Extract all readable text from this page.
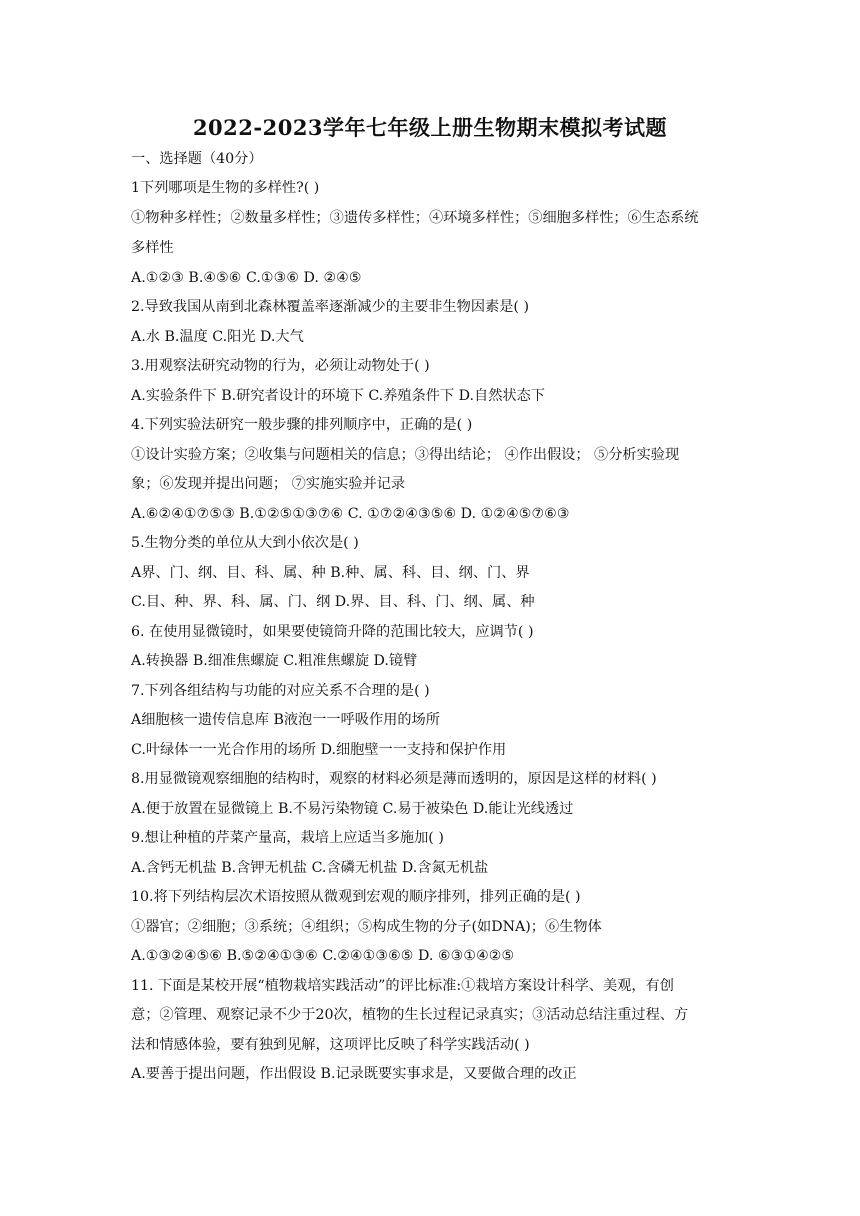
2022-2023学年七年级上册生物期末模拟考试题
一、选择题（40分）
1下列哪项是生物的多样性?( )
①物种多样性；②数量多样性；③遗传多样性；④环境多样性；⑤细胞多样性；⑥生态系统
多样性
A.①②③ B.④⑤⑥ C.①③⑥ D. ②④⑤
2.导致我国从南到北森林覆盖率逐渐减少的主要非生物因素是( )
A.水 B.温度 C.阳光 D.大气
3.用观察法研究动物的行为，必须让动物处于( )
A.实验条件下 B.研究者设计的环境下 C.养殖条件下 D.自然状态下
4.下列实验法研究一般步骤的排列顺序中，正确的是( )
①设计实验方案；②收集与问题相关的信息；③得出结论； ④作出假设； ⑤分析实验现
象；⑥发现并提出问题； ⑦实施实验并记录
A.⑥②④①⑦⑤③ B.①②⑤①③⑦⑥ C. ①⑦②④③⑤⑥ D. ①②④⑤⑦⑥③
5.生物分类的单位从大到小依次是( )
A界、门、纲、目、科、属、种 B.种、属、科、目、纲、门、界
C.目、种、界、科、属、门、纲 D.界、目、科、门、纲、属、种
6. 在使用显微镜时，如果要使镜筒升降的范围比较大，应调节( )
A.转换器 B.细准焦螺旋 C.粗准焦螺旋 D.镜臂
7.下列各组结构与功能的对应关系不合理的是( )
A细胞核一遗传信息库 B液泡一一呼吸作用的场所
C.叶绿体一一光合作用的场所 D.细胞壁一一支持和保护作用
8.用显微镜观察细胞的结构时，观察的材料必须是薄而透明的，原因是这样的材料( )
A.便于放置在显微镜上 B.不易污染物镜 C.易于被染色 D.能让光线透过
9.想让种植的芹菜产量高，栽培上应适当多施加( )
A.含钙无机盐 B.含钾无机盐 C.含磷无机盐 D.含氮无机盐
10.将下列结构层次术语按照从微观到宏观的顺序排列，排列正确的是( )
①器官；②细胞；③系统；④组织；⑤构成生物的分子(如DNA)；⑥生物体
A.①③②④⑤⑥ B.⑤②④①③⑥ C.②④①③⑥⑤ D. ⑥③①④②⑤
11. 下面是某校开展“植物栽培实践活动”的评比标准:①栽培方案设计科学、美观，有创
意；②管理、观察记录不少于20次，植物的生长过程记录真实；③活动总结注重过程、方
法和情感体验，要有独到见解，这项评比反映了科学实践活动( )
A.要善于提出问题，作出假设 B.记录既要实事求是，又要做合理的改正
